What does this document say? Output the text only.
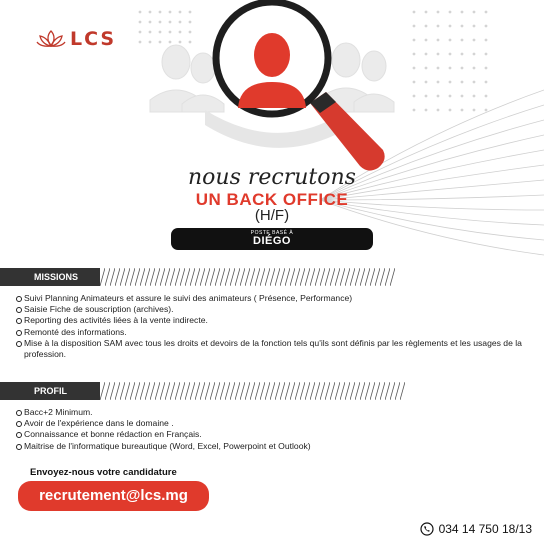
LCS
nous recrutons
UN BACK OFFICE
(H/F)
POSTE BASÉ À
DIÉGO
MISSIONS
Suivi Planning Animateurs et assure le suivi des animateurs ( Présence, Performance)
Saisie Fiche de souscription (archives).
Reporting des activités liées à la vente indirecte.
Remonté des informations.
Mise à la disposition SAM avec tous les droits et devoirs de la fonction tels qu'ils sont définis par les règlements et les usages de la profession.
PROFIL
Bacc+2 Minimum.
Avoir de l'expérience dans le domaine .
Connaissance et bonne rédaction en Français.
Maitrise de l'informatique bureautique (Word, Excel, Powerpoint et Outlook)
Envoyez-nous votre candidature
recrutement@lcs.mg
034 14 750 18/13
